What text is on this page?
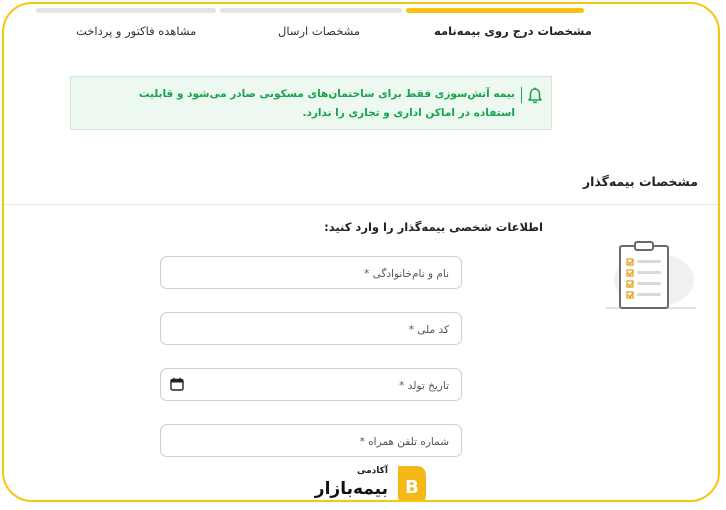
مشخصات درج روی بیمه‌نامه
مشخصات ارسال
مشاهده فاکتور و پرداخت
بیمه آتش‌سوزی فقط برای ساختمان‌های مسکونی صادر می‌شود و قابلیت استفاده در اماکن اداری و تجاری را ندارد.
مشخصات بیمه‌گذار
اطلاعات شخصی بیمه‌گذار را وارد کنید:
نام و نام‌خانوادگی *
کد ملی *
تاریخ تولد *
شماره تلفن همراه *
آکادمی
بیمه‌بازار B
